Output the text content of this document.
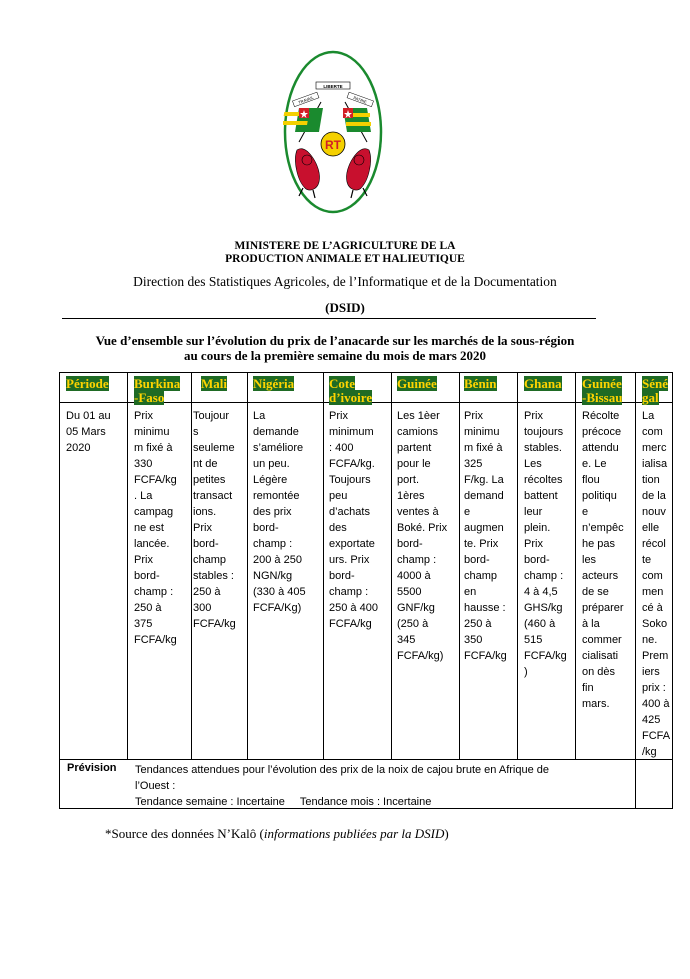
LIBERTE
TRAVAIL	PATRIE
RT
MINISTERE DE L’AGRICULTURE DE LA
PRODUCTION ANIMALE ET HALIEUTIQUE
Direction des Statistiques Agricoles, de l’Informatique et de la Documentation
(DSID)
Vue d’ensemble sur l’évolution du prix de l’anacarde sur les marchés de la sous-région
au cours de la première semaine du mois de mars 2020
Période Burkina
-Faso
Mali Nigéria	Cote
d’ivoire
Guinée Bénin Ghana Guinée
-Bissau
Séné
gal
Du 01 au
05 Mars
2020
Prix
minimu
m fixé à
330
FCFA/kg
. La
campag
ne est
lancée.
Prix
bord-
champ :
250 à
375
FCFA/kg
Toujour
s
seuleme
nt de
petites
transact
ions.
Prix
bord-
champ
stables :
250 à
300
FCFA/kg
La
demande
s’améliore
un peu.
Légère
remontée
des prix
bord-
champ :
200 à 250
NGN/kg
(330 à 405
FCFA/Kg)
Prix
minimum
: 400
FCFA/kg.
Toujours
peu
d’achats
des
exportate
urs. Prix
bord-
champ :
250 à 400
FCFA/kg
Les 1èer
camions
partent
pour le
port.
1ères
ventes à
Boké. Prix
bord-
champ :
4000 à
5500
GNF/kg
(250 à
345
FCFA/kg)
Prix
minimu
m fixé à
325
F/kg. La
demand
e
augmen
te. Prix
bord-
champ
en
hausse :
250 à
350
FCFA/kg
Prix
toujours
stables.
Les
récoltes
battent
leur
plein.
Prix
bord-
champ :
4 à 4,5
GHS/kg
(460 à
515
FCFA/kg
)
Récolte
précoce
attendu
e. Le
flou
politiqu
e
n’empêc
he pas
les
acteurs
de se
préparer
à la
commer
cialisati
on dès
fin
mars.
La
com
merc
ialisa
tion
de la
nouv
elle
récol
te
com
men
cé à
Soko
ne.
Prem
iers
prix :
400 à
425
FCFA
/kg
Prévision Tendances attendues pour l’évolution des prix de la noix de cajou brute en Afrique de
l’Ouest :
Tendance semaine : Incertaine     Tendance mois : Incertaine
*Source des données N’Kalô (informations publiées par la DSID)
